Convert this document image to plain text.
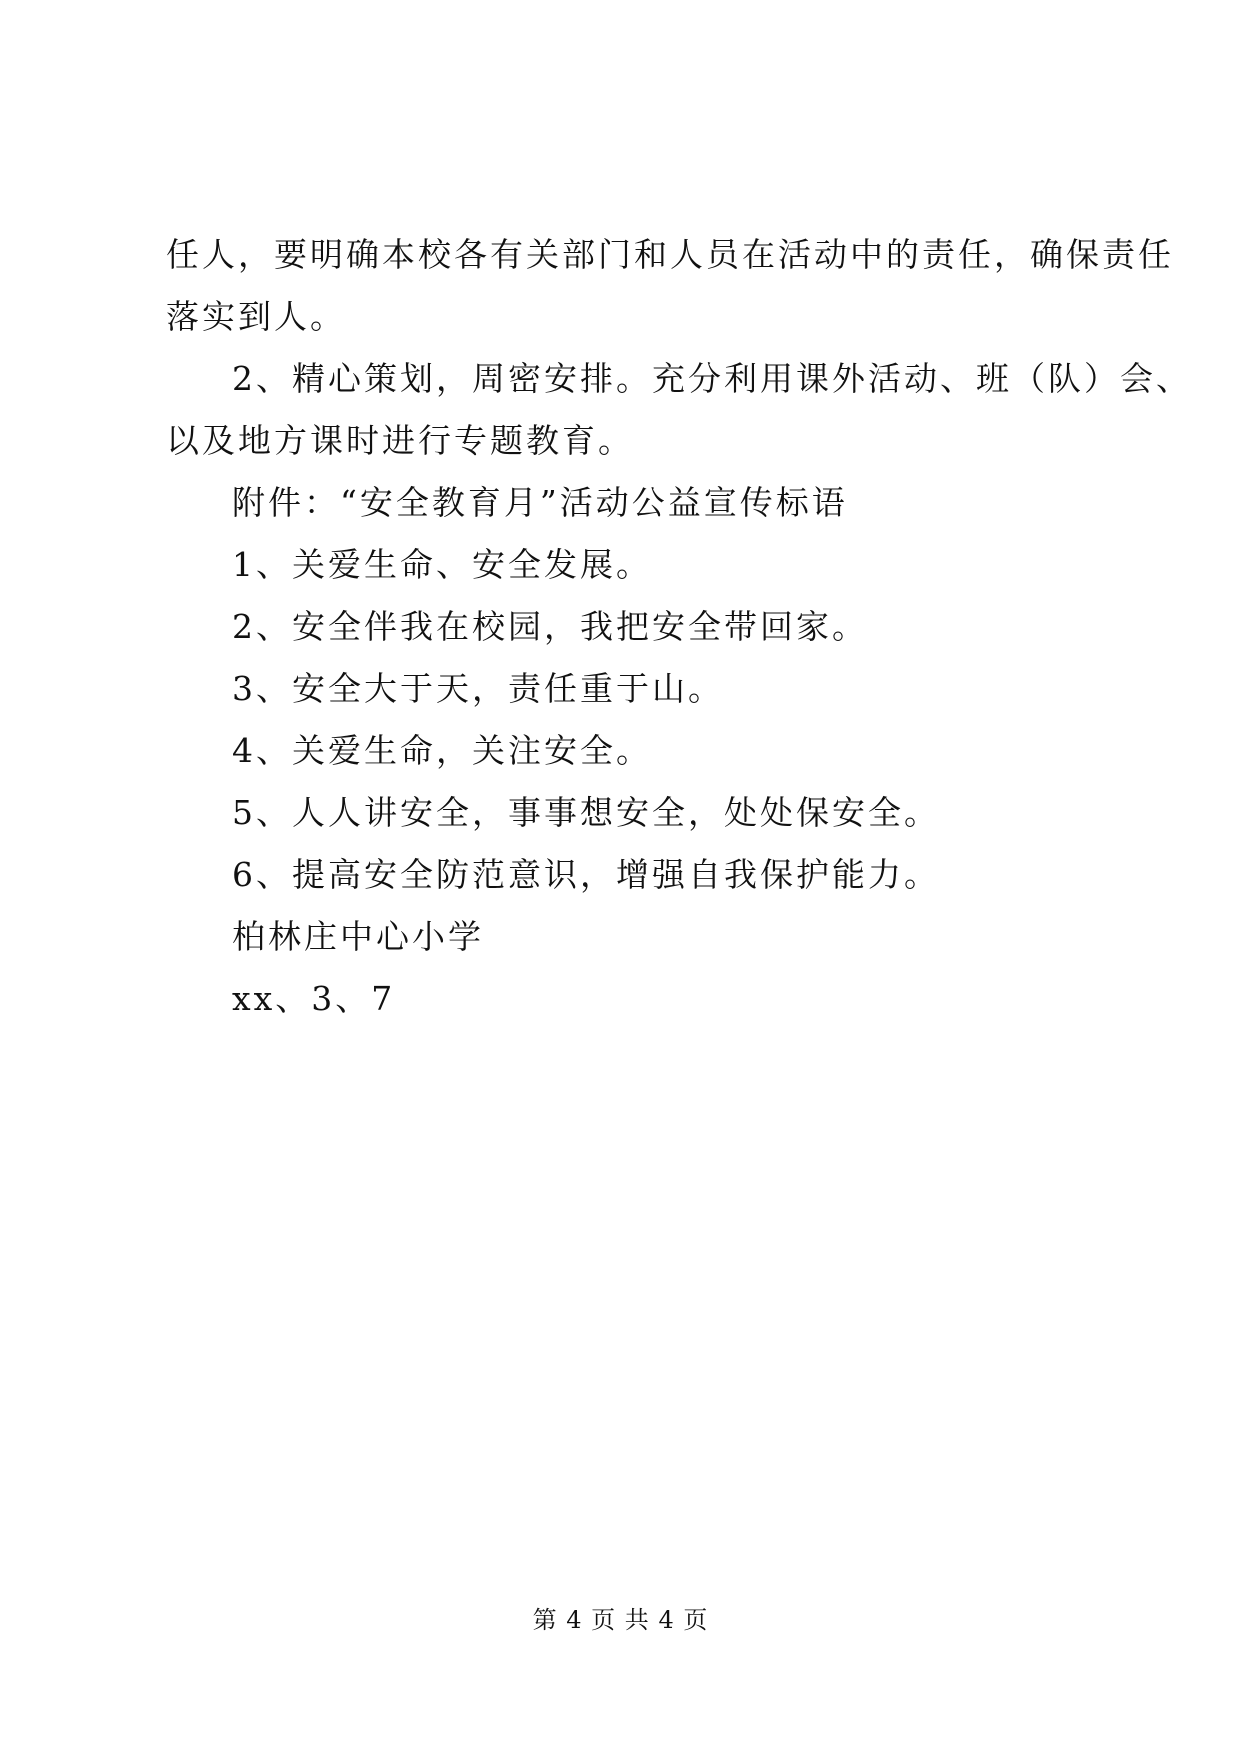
任人，要明确本校各有关部门和人员在活动中的责任，确保责任
落实到人。
2、精心策划，周密安排。充分利用课外活动、班（队）会、
以及地方课时进行专题教育。
附件：“安全教育月”活动公益宣传标语
1、关爱生命、安全发展。
2、安全伴我在校园，我把安全带回家。
3、安全大于天，责任重于山。
4、关爱生命，关注安全。
5、人人讲安全，事事想安全，处处保安全。
6、提高安全防范意识，增强自我保护能力。
柏林庄中心小学
xx、3、7
第 4 页 共 4 页
